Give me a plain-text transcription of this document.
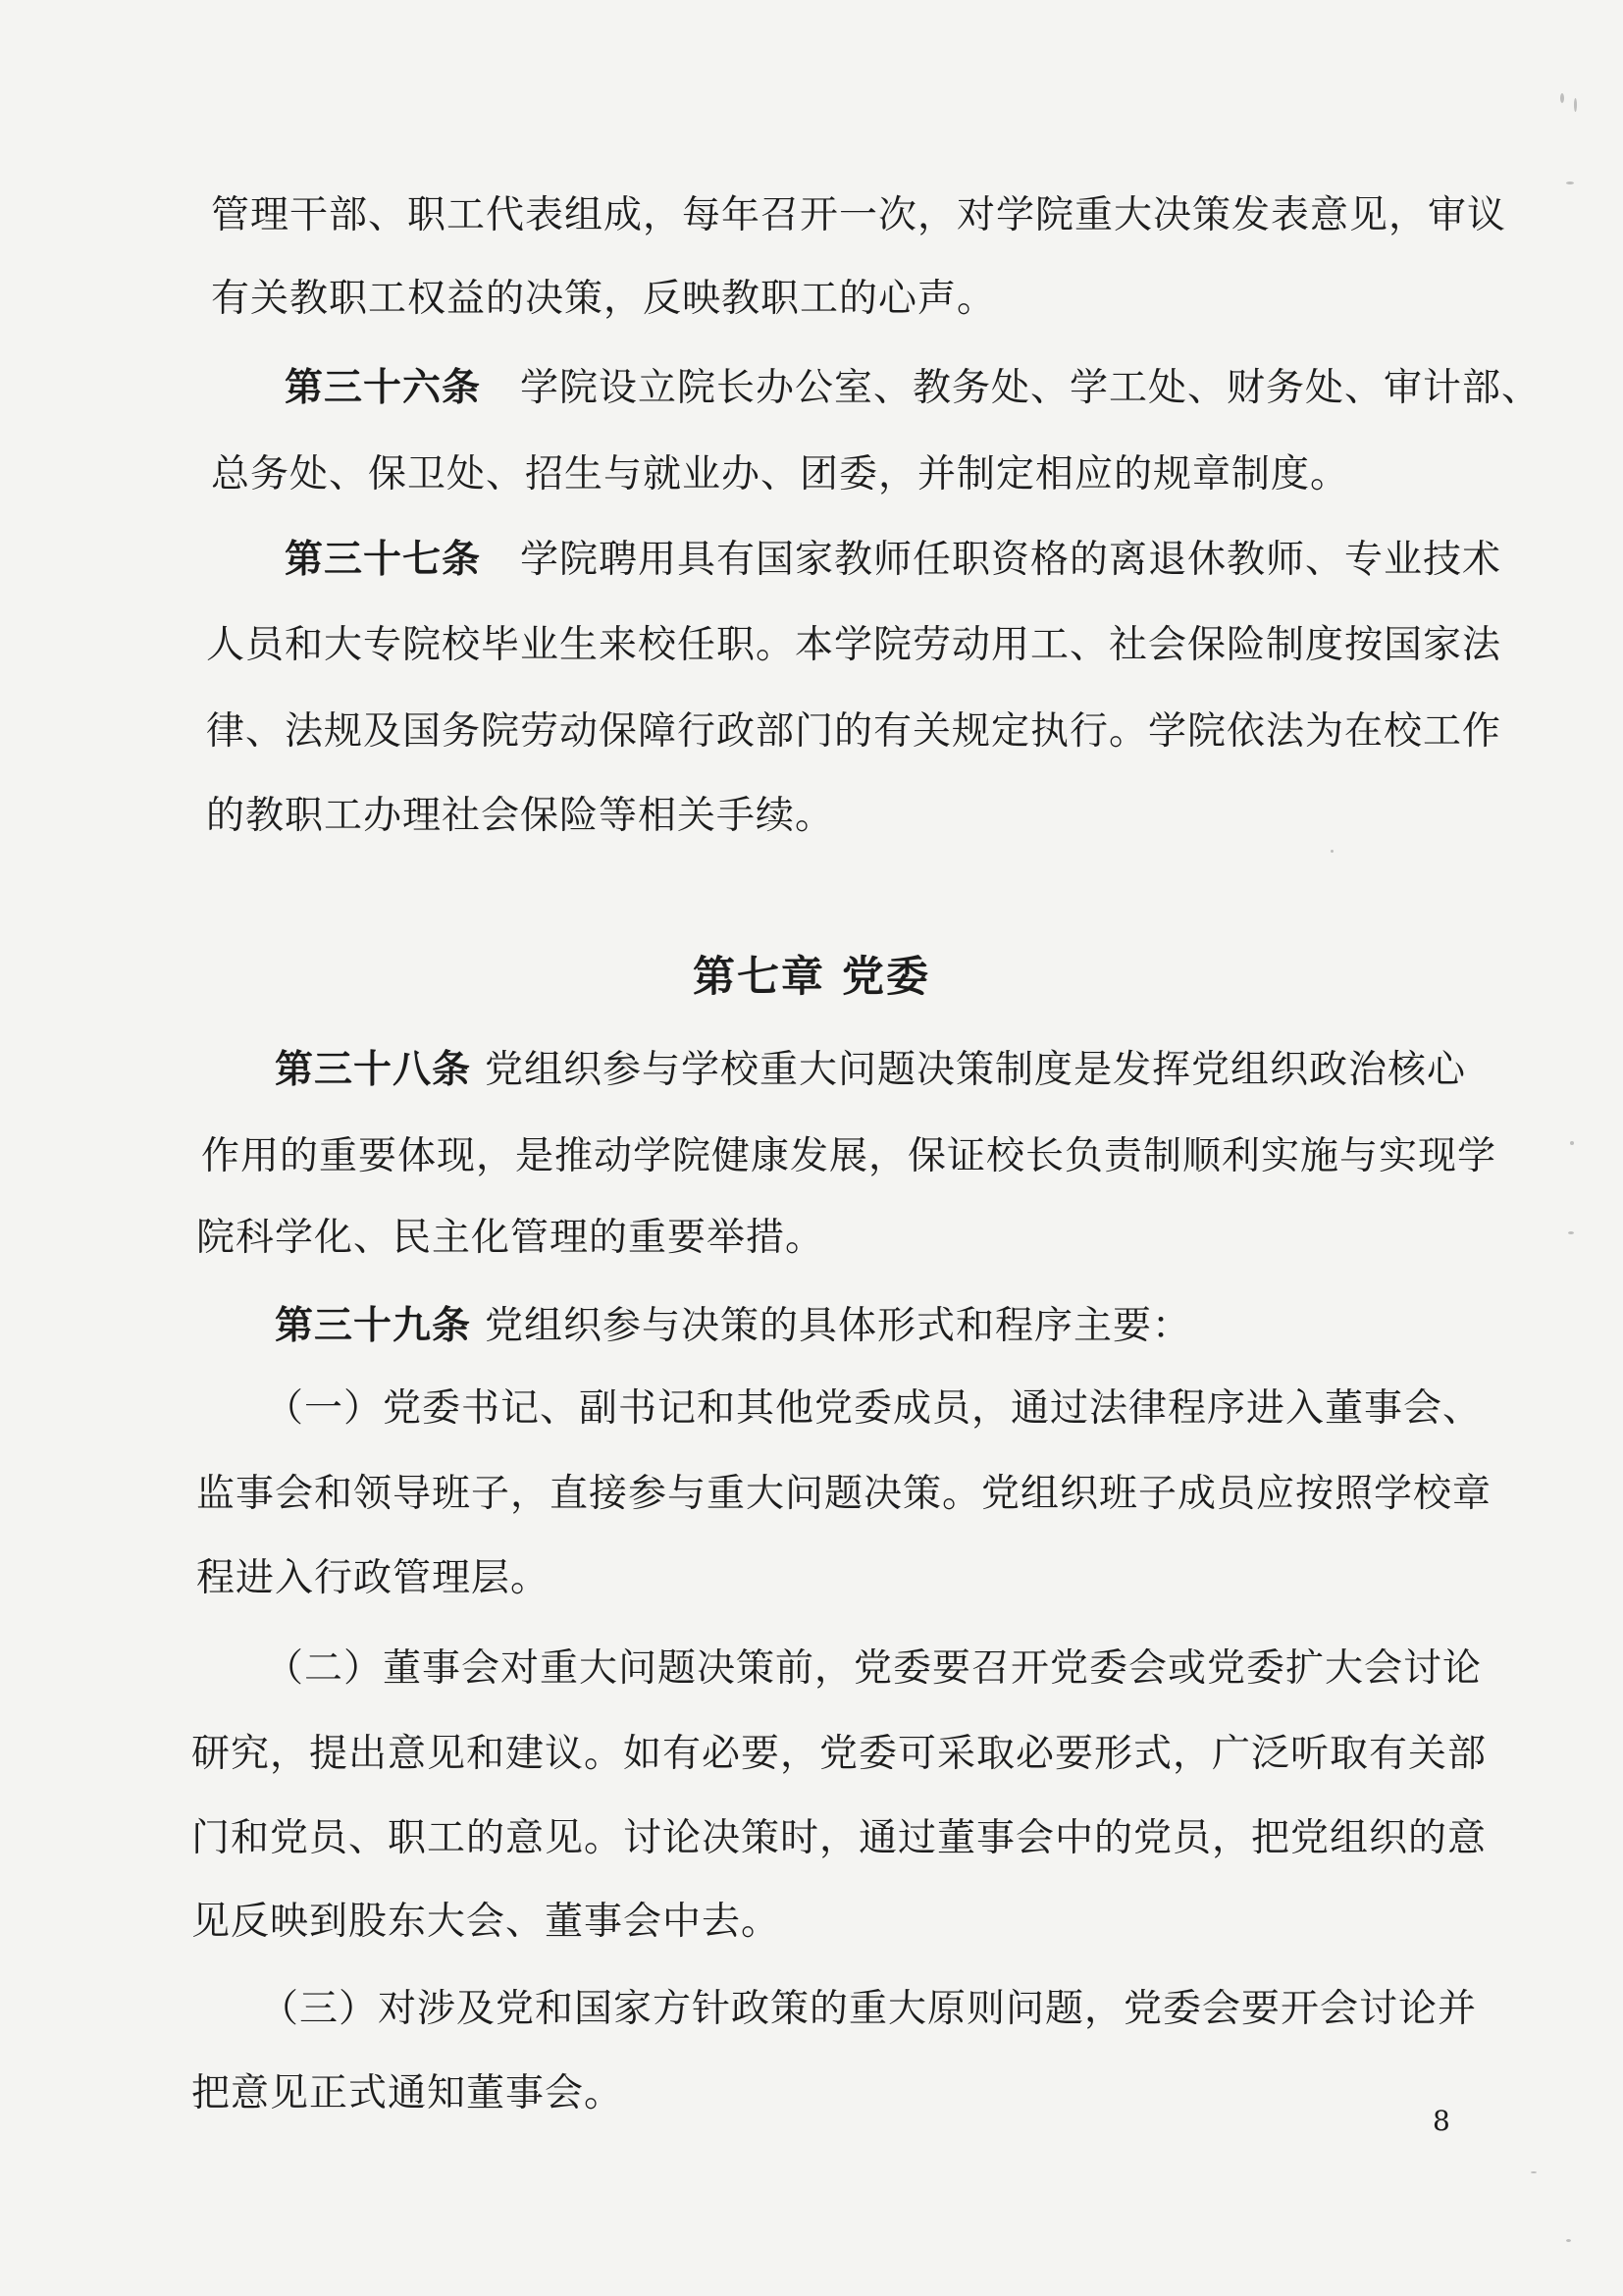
管理干部、职工代表组成，每年召开一次，对学院重大决策发表意见，审议
有关教职工权益的决策，反映教职工的心声。
第三十六条 学院设立院长办公室、教务处、学工处、财务处、审计部、
总务处、保卫处、招生与就业办、团委，并制定相应的规章制度。
第三十七条 学院聘用具有国家教师任职资格的离退休教师、专业技术
人员和大专院校毕业生来校任职。本学院劳动用工、社会保险制度按国家法
律、法规及国务院劳动保障行政部门的有关规定执行。学院依法为在校工作
的教职工办理社会保险等相关手续。
第七章 党委
第三十八条 党组织参与学校重大问题决策制度是发挥党组织政治核心
作用的重要体现，是推动学院健康发展，保证校长负责制顺利实施与实现学
院科学化、民主化管理的重要举措。
第三十九条 党组织参与决策的具体形式和程序主要：
（一）党委书记、副书记和其他党委成员，通过法律程序进入董事会、
监事会和领导班子，直接参与重大问题决策。党组织班子成员应按照学校章
程进入行政管理层。
（二）董事会对重大问题决策前，党委要召开党委会或党委扩大会讨论
研究，提出意见和建议。如有必要，党委可采取必要形式，广泛听取有关部
门和党员、职工的意见。讨论决策时，通过董事会中的党员，把党组织的意
见反映到股东大会、董事会中去。
（三）对涉及党和国家方针政策的重大原则问题，党委会要开会讨论并
把意见正式通知董事会。
8
